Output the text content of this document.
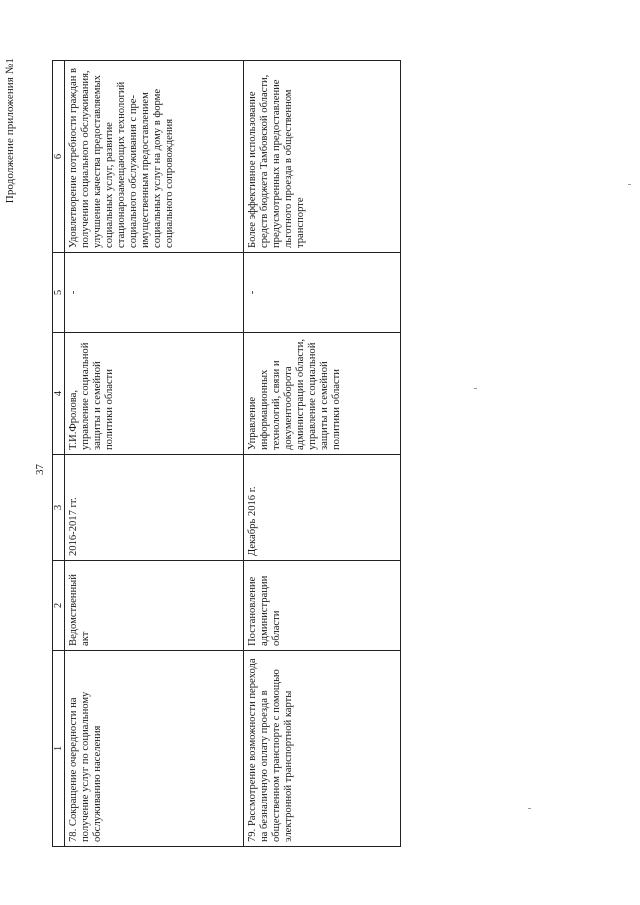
Продолжение приложения №1
37
1	2	3	4	5	6
78. Сокращение очередности на получение услуг по социальному обслуживанию населения	Ведомственный акт	2016-2017 гг.	Т.И.Фролова, управление социальной защиты и семейной политики области	-	Удовлетворение потребности граждан в получении социального обслуживания, улучшение качества предоставляемых социальных услуг, развитие стационарозамещающих технологий социального обслуживания с пре-имущественным предоставлением социальных услуг на дому в форме социального сопровождения
79. Рассмотрение возможности перехода на безналичную оплату проезда в общественном транспорте с помощью электронной транспортной карты	Постановление администрации области	Декабрь 2016 г.	Управление информационных технологий, связи и документооборота администрации области, управление социальной защиты и семейной политики области	-	Более эффективное использование средств бюджета Тамбовской области, предусмотренных на предоставление льготного проезда в общественном транспорте
